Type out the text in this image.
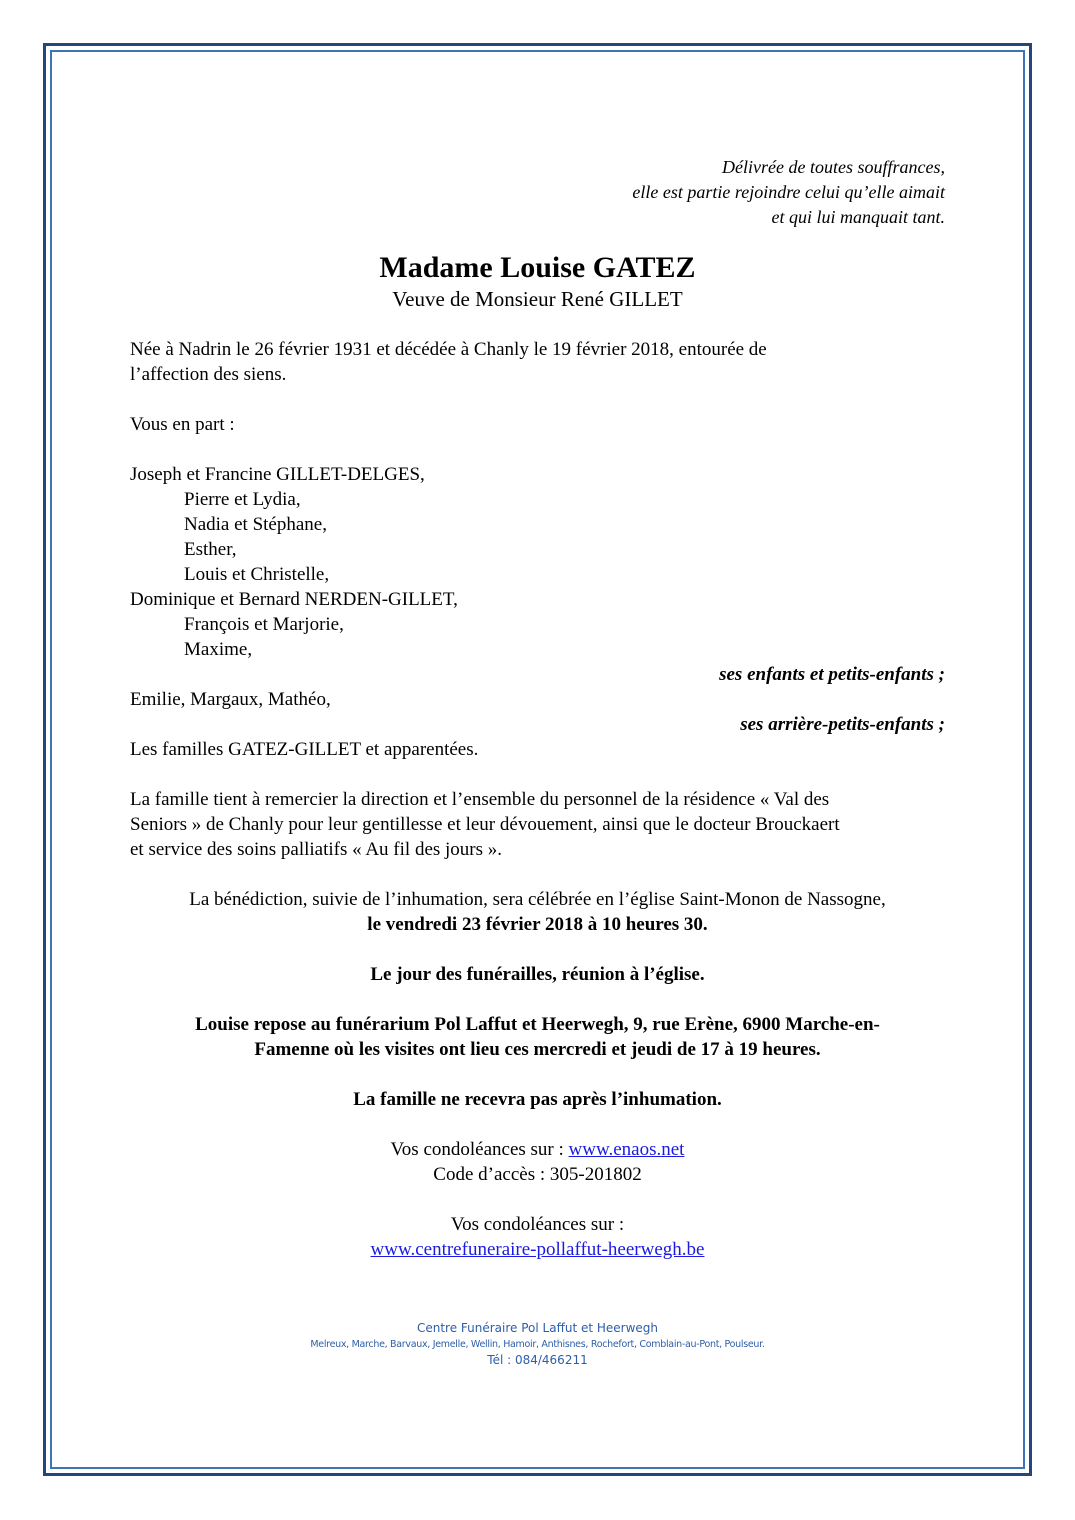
Délivrée de toutes souffrances,
elle est partie rejoindre celui qu’elle aimait
et qui lui manquait tant.
Madame Louise GATEZ
Veuve de Monsieur René GILLET
Née à Nadrin le 26 février 1931 et décédée à Chanly le 19 février 2018, entourée de
l’affection des siens.
Vous en part :
Joseph et Francine GILLET-DELGES,
Pierre et Lydia,
Nadia et Stéphane,
Esther,
Louis et Christelle,
Dominique et Bernard NERDEN-GILLET,
François et Marjorie,
Maxime,
ses enfants et petits-enfants ;
Emilie, Margaux, Mathéo,
ses arrière-petits-enfants ;
Les familles GATEZ-GILLET et apparentées.
La famille tient à remercier la direction et l’ensemble du personnel de la résidence « Val des
Seniors » de Chanly pour leur gentillesse et leur dévouement, ainsi que le docteur Brouckaert
et service des soins palliatifs « Au fil des jours ».
La bénédiction, suivie de l’inhumation, sera célébrée en l’église Saint-Monon de Nassogne,
le vendredi 23 février 2018 à 10 heures 30.
Le jour des funérailles, réunion à l’église.
Louise repose au funérarium Pol Laffut et Heerwegh, 9, rue Erène, 6900 Marche-en-
Famenne où les visites ont lieu ces mercredi et jeudi de 17 à 19 heures.
La famille ne recevra pas après l’inhumation.
Vos condoléances sur : www.enaos.net
Code d’accès : 305-201802
Vos condoléances sur :
www.centrefuneraire-pollaffut-heerwegh.be
Centre Funéraire Pol Laffut et Heerwegh
Melreux, Marche, Barvaux, Jemelle, Wellin, Hamoir, Anthisnes, Rochefort, Comblain-au-Pont, Poulseur.
Tél : 084/466211
